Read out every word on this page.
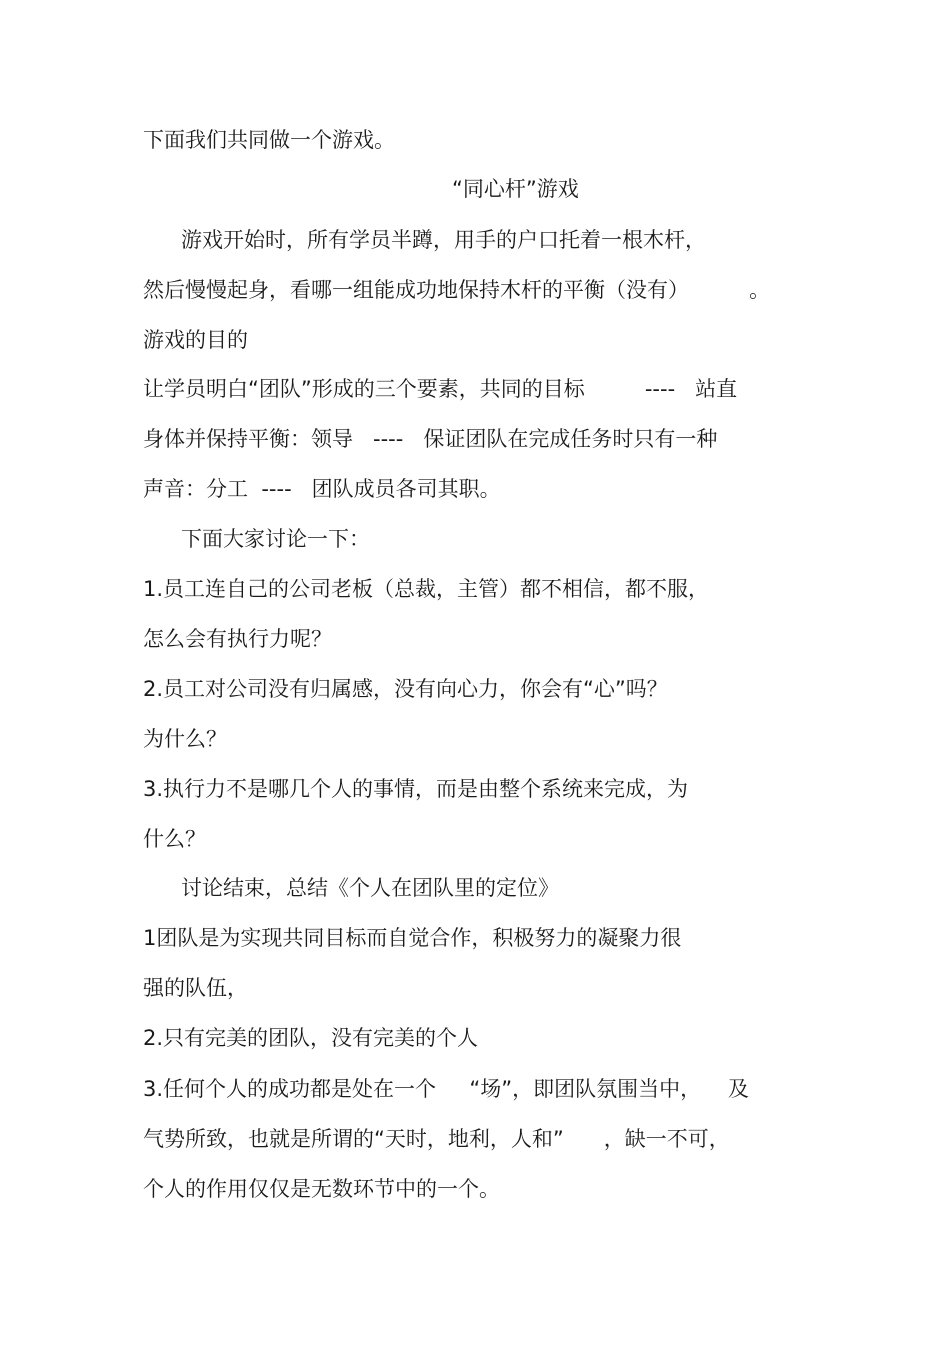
下面我们共同做一个游戏。
“同心杆”游戏
游戏开始时，所有学员半蹲，用手的户口托着一根木杆，
然后慢慢起身，看哪一组能成功地保持木杆的平衡（没有）         。
游戏的目的
让学员明白“团队”形成的三个要素，共同的目标         ----   站直
身体并保持平衡：领导   ----   保证团队在完成任务时只有一种
声音：分工  ----   团队成员各司其职。
下面大家讨论一下：
1.员工连自己的公司老板（总裁，主管）都不相信，都不服，
怎么会有执行力呢？
2.员工对公司没有归属感，没有向心力，你会有“心”吗？
为什么？
3.执行力不是哪几个人的事情，而是由整个系统来完成，为
什么？
讨论结束，总结《个人在团队里的定位》
1团队是为实现共同目标而自觉合作，积极努力的凝聚力很
强的队伍，
2.只有完美的团队，没有完美的个人
3.任何个人的成功都是处在一个     “场”，即团队氛围当中，    及
气势所致，也就是所谓的“天时，地利，人和”      ，缺一不可，
个人的作用仅仅是无数环节中的一个。
